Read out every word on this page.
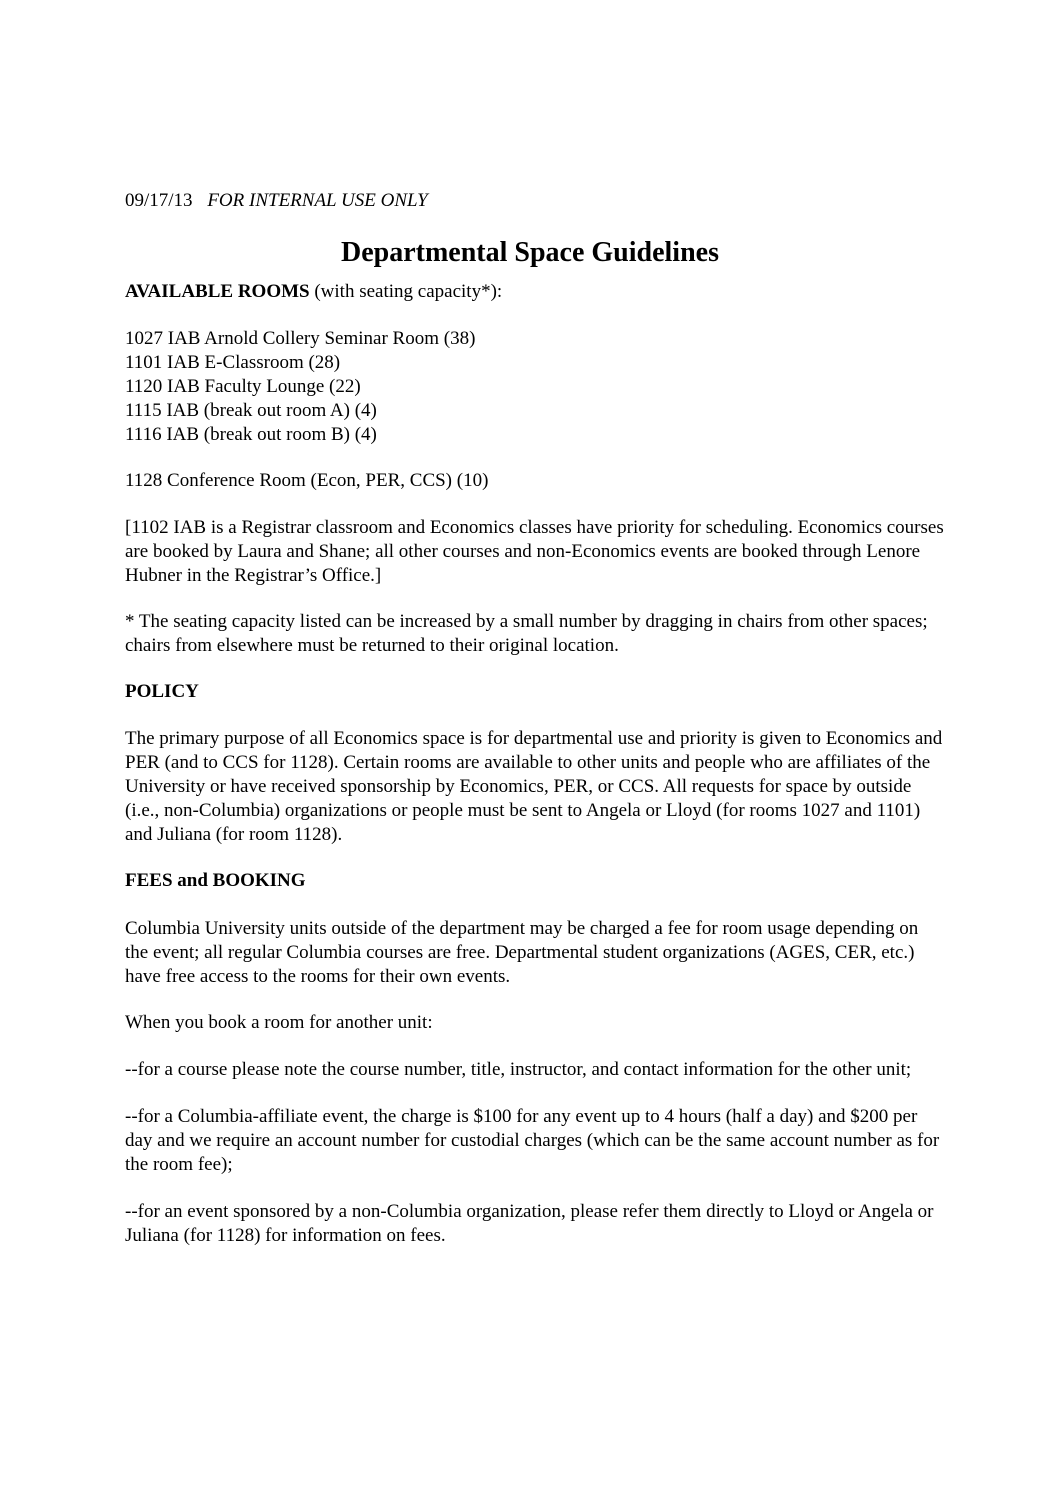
09/17/13 FOR INTERNAL USE ONLY
Departmental Space Guidelines
AVAILABLE ROOMS (with seating capacity*):
1027 IAB Arnold Collery Seminar Room (38)
1101 IAB E-Classroom (28)
1120 IAB Faculty Lounge (22)
1115 IAB (break out room A) (4)
1116 IAB (break out room B) (4)

1128 Conference Room (Econ, PER, CCS) (10)

[1102 IAB is a Registrar classroom and Economics classes have priority for scheduling. Economics courses are booked by Laura and Shane; all other courses and non-Economics events are booked through Lenore Hubner in the Registrar’s Office.]

* The seating capacity listed can be increased by a small number by dragging in chairs from other spaces; chairs from elsewhere must be returned to their original location.

POLICY

The primary purpose of all Economics space is for departmental use and priority is given to Economics and PER (and to CCS for 1128). Certain rooms are available to other units and people who are affiliates of the University or have received sponsorship by Economics, PER, or CCS. All requests for space by outside (i.e., non-Columbia) organizations or people must be sent to Angela or Lloyd (for rooms 1027 and 1101) and Juliana (for room 1128).

FEES and BOOKING

Columbia University units outside of the department may be charged a fee for room usage depending on the event; all regular Columbia courses are free. Departmental student organizations (AGES, CER, etc.) have free access to the rooms for their own events.

When you book a room for another unit:

--for a course please note the course number, title, instructor, and contact information for the other unit;

--for a Columbia-affiliate event, the charge is $100 for any event up to 4 hours (half a day) and $200 per day and we require an account number for custodial charges (which can be the same account number as for the room fee);

--for an event sponsored by a non-Columbia organization, please refer them directly to Lloyd or Angela or Juliana (for 1128) for information on fees.
